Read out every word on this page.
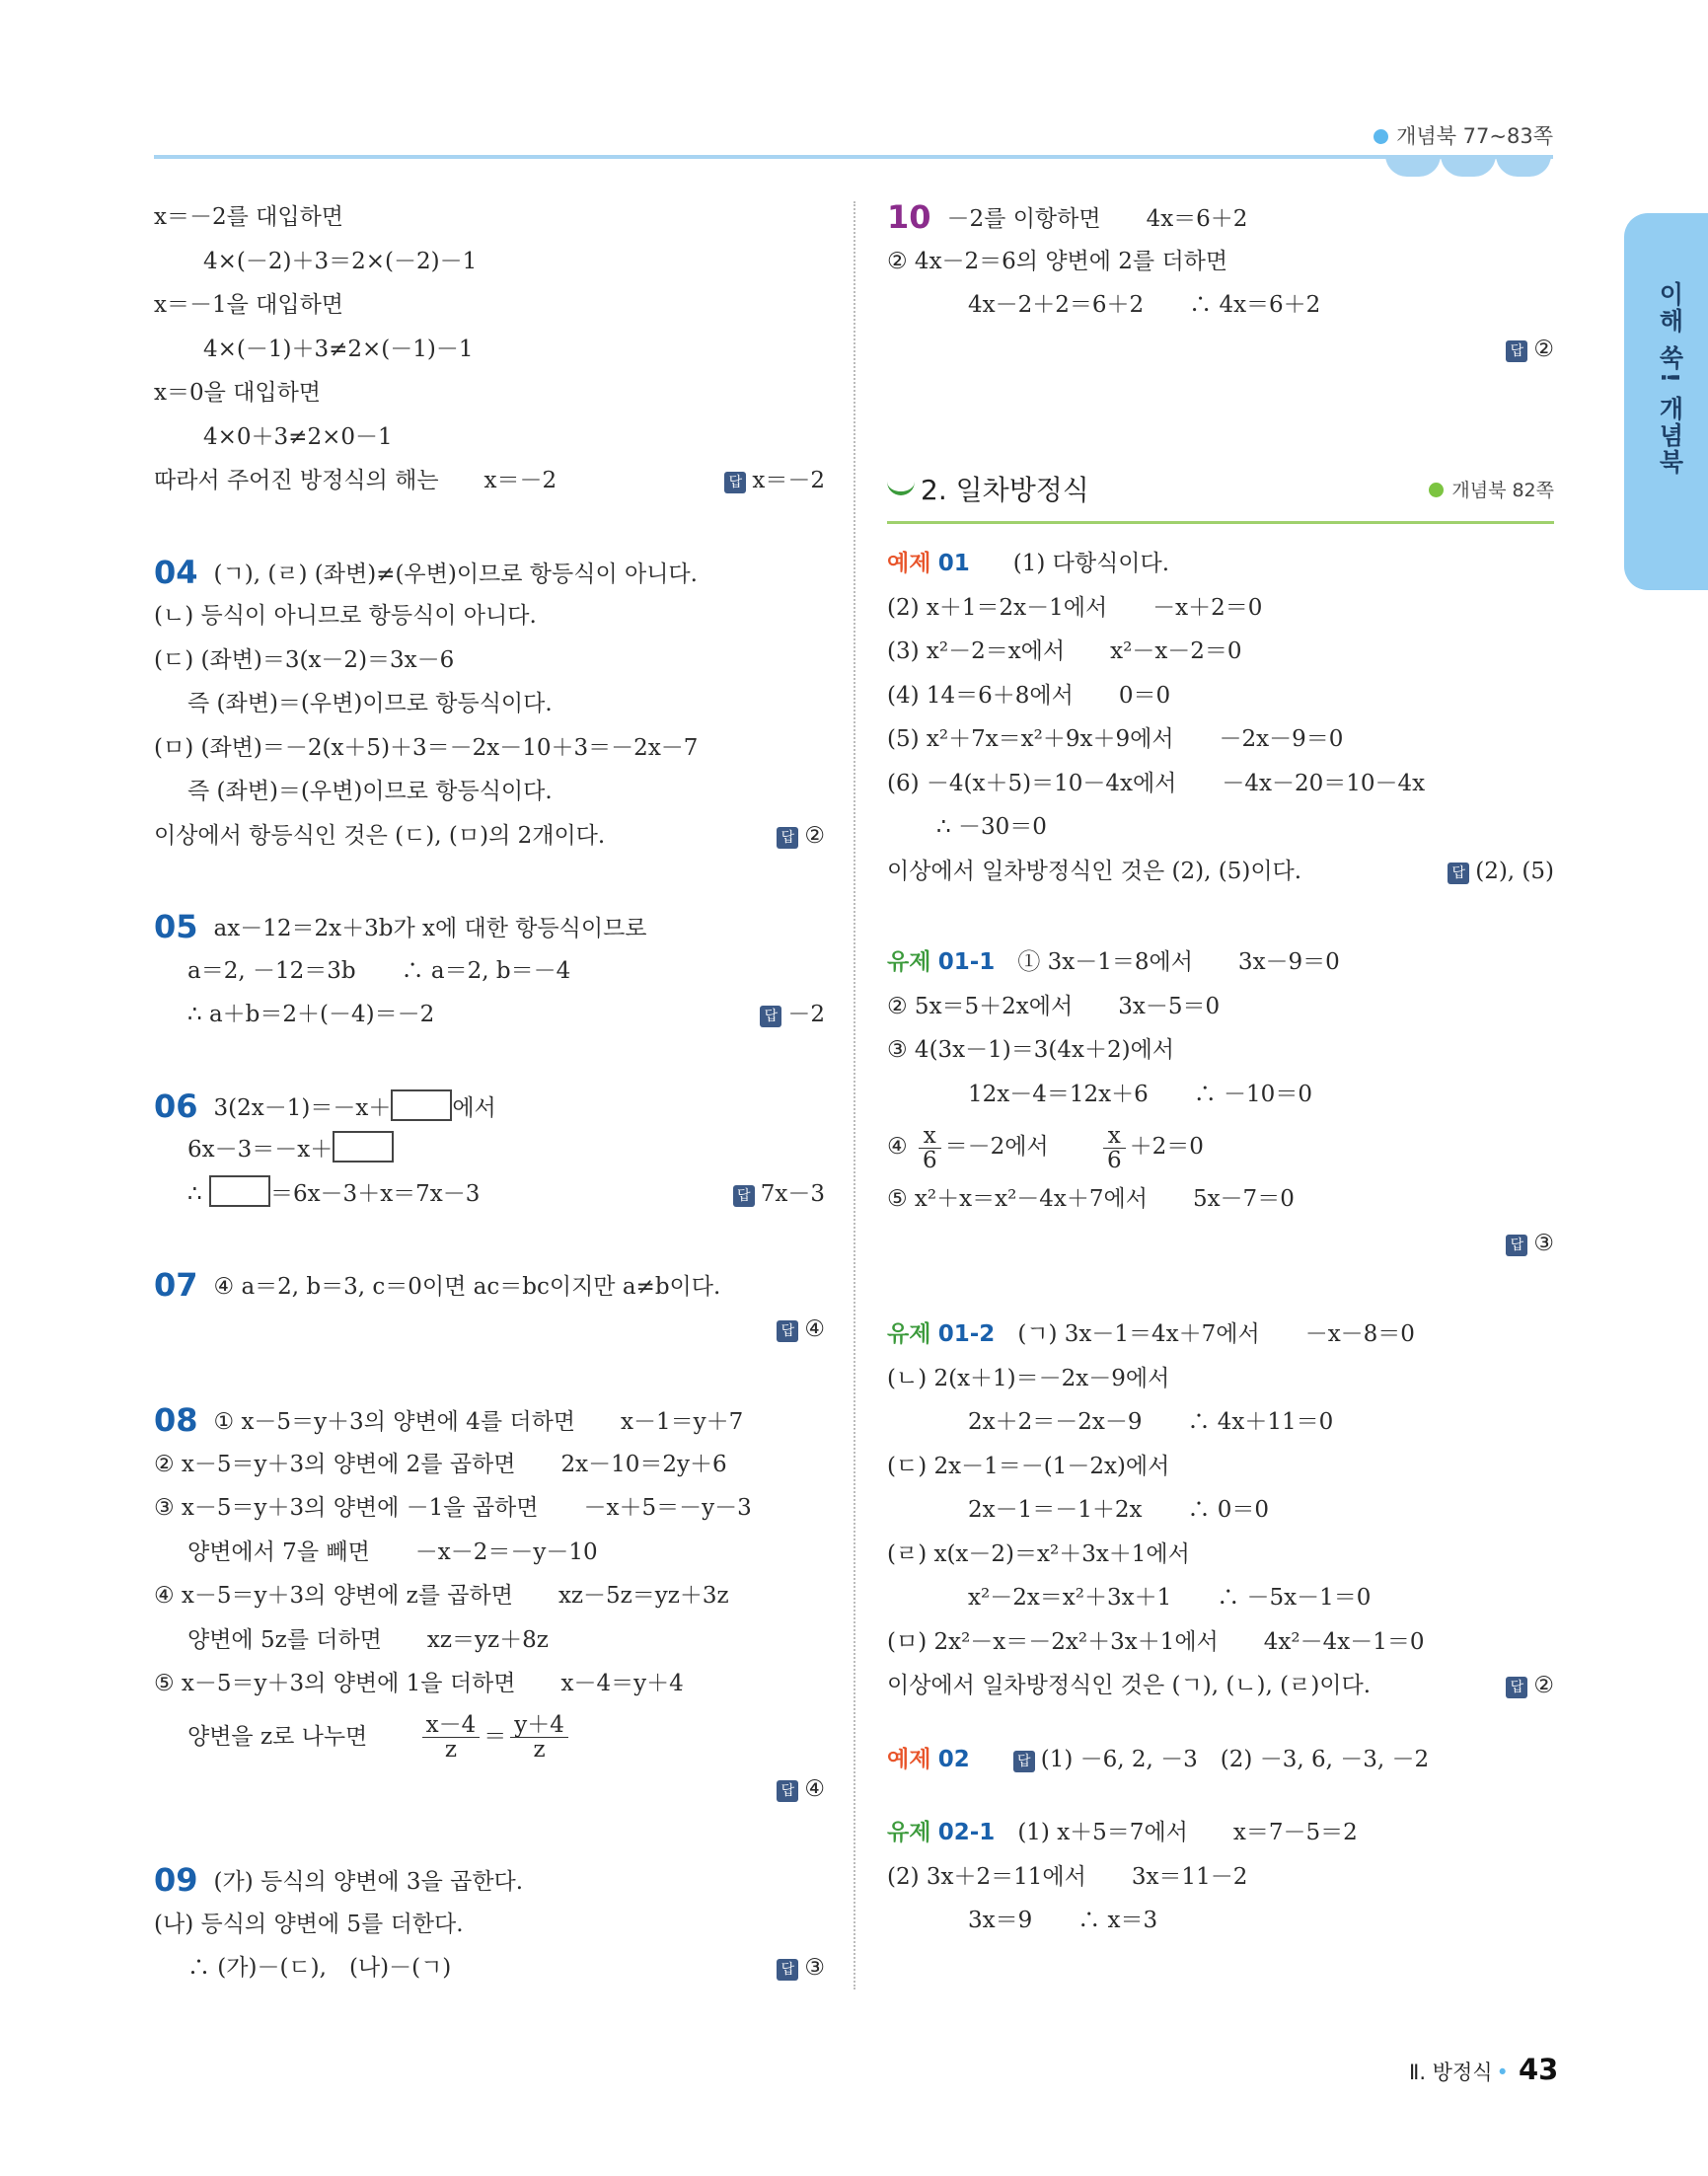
개념북 77~83쪽
이해 쑥! 개념북
x＝－2를 대입하면
4×(－2)＋3＝2×(－2)－1
x＝－1을 대입하면
4×(－1)＋3≠2×(－1)－1
x＝0을 대입하면
4×0＋3≠2×0－1
따라서 주어진 방정식의 해는　　x＝－2	답 x＝－2
04 (ㄱ), (ㄹ) (좌변)≠(우변)이므로 항등식이 아니다.
(ㄴ) 등식이 아니므로 항등식이 아니다.
(ㄷ) (좌변)＝3(x－2)＝3x－6
즉 (좌변)＝(우변)이므로 항등식이다.
(ㅁ) (좌변)＝－2(x＋5)＋3＝－2x－10＋3＝－2x－7
즉 (좌변)＝(우변)이므로 항등식이다.
이상에서 항등식인 것은 (ㄷ), (ㅁ)의 2개이다.	답 ②
05 ax－12＝2x＋3b가 x에 대한 항등식이므로
a＝2, －12＝3b　　∴ a＝2, b＝－4
∴ a＋b＝2＋(－4)＝－2	답 －2
06 3(2x－1)＝－x＋	에서
6x－3＝－x＋
∴	＝6x－3＋x＝7x－3	답 7x－3
07 ④ a＝2, b＝3, c＝0이면 ac＝bc이지만 a≠b이다.
답 ④
08 ① x－5＝y＋3의 양변에 4를 더하면　　x－1＝y＋7
② x－5＝y＋3의 양변에 2를 곱하면　　2x－10＝2y＋6
③ x－5＝y＋3의 양변에 －1을 곱하면　　－x＋5＝－y－3
양변에서 7을 빼면　　－x－2＝－y－10
④ x－5＝y＋3의 양변에 z를 곱하면　　xz－5z＝yz＋3z
양변에 5z를 더하면　　xz＝yz＋8z
⑤ x－5＝y＋3의 양변에 1을 더하면　　x－4＝y＋4
양변을 z로 나누면 $\frac{x-4}{z} = \frac{y+4}{z}$
답 ④
09 (가) 등식의 양변에 3을 곱한다.
(나) 등식의 양변에 5를 더한다.
∴ (가)－(ㄷ),　(나)－(ㄱ)	답 ③
10 －2를 이항하면　　4x＝6＋2
② 4x－2＝6의 양변에 2를 더하면
4x－2＋2＝6＋2　　∴ 4x＝6＋2
답 ②
2. 일차방정식	개념북 82쪽
예제 01 (1) 다항식이다.
(2) x＋1＝2x－1에서　　－x＋2＝0
(3) x²－2＝x에서　　x²－x－2＝0
(4) 14＝6＋8에서　　0＝0
(5) x²＋7x＝x²＋9x＋9에서　　－2x－9＝0
(6) －4(x＋5)＝10－4x에서　　－4x－20＝10－4x
∴ －30＝0
이상에서 일차방정식인 것은 (2), (5)이다.	답 (2), (5)
유제 01-1　 ① 3x－1＝8에서　　3x－9＝0
② 5x＝5＋2x에서　　3x－5＝0
③ 4(3x－1)＝3(4x＋2)에서
12x－4＝12x＋6　　∴ －10＝0
④ $\frac{x}{6} =-2$에서 $\frac{x}{6} +2=0$
⑤ x²＋x＝x²－4x＋7에서　　5x－7＝0
답 ③
유제 01-2　 (ㄱ) 3x－1＝4x＋7에서　　－x－8＝0
(ㄴ) 2(x＋1)＝－2x－9에서
2x＋2＝－2x－9　　∴ 4x＋11＝0
(ㄷ) 2x－1＝－(1－2x)에서
2x－1＝－1＋2x　　∴ 0＝0
(ㄹ) x(x－2)＝x²＋3x＋1에서
x²－2x＝x²＋3x＋1　　∴ －5x－1＝0
(ㅁ) 2x²－x＝－2x²＋3x＋1에서　　4x²－4x－1＝0
이상에서 일차방정식인 것은 (ㄱ), (ㄴ), (ㄹ)이다.	답 ②
예제 02	답 (1) －6, 2, －3　(2) －3, 6, －3, －2
유제 02-1　 (1) x＋5＝7에서　　x＝7－5＝2
(2) 3x＋2＝11에서　　3x＝11－2
3x＝9　　∴ x＝3
Ⅱ. 방정식 • 43
